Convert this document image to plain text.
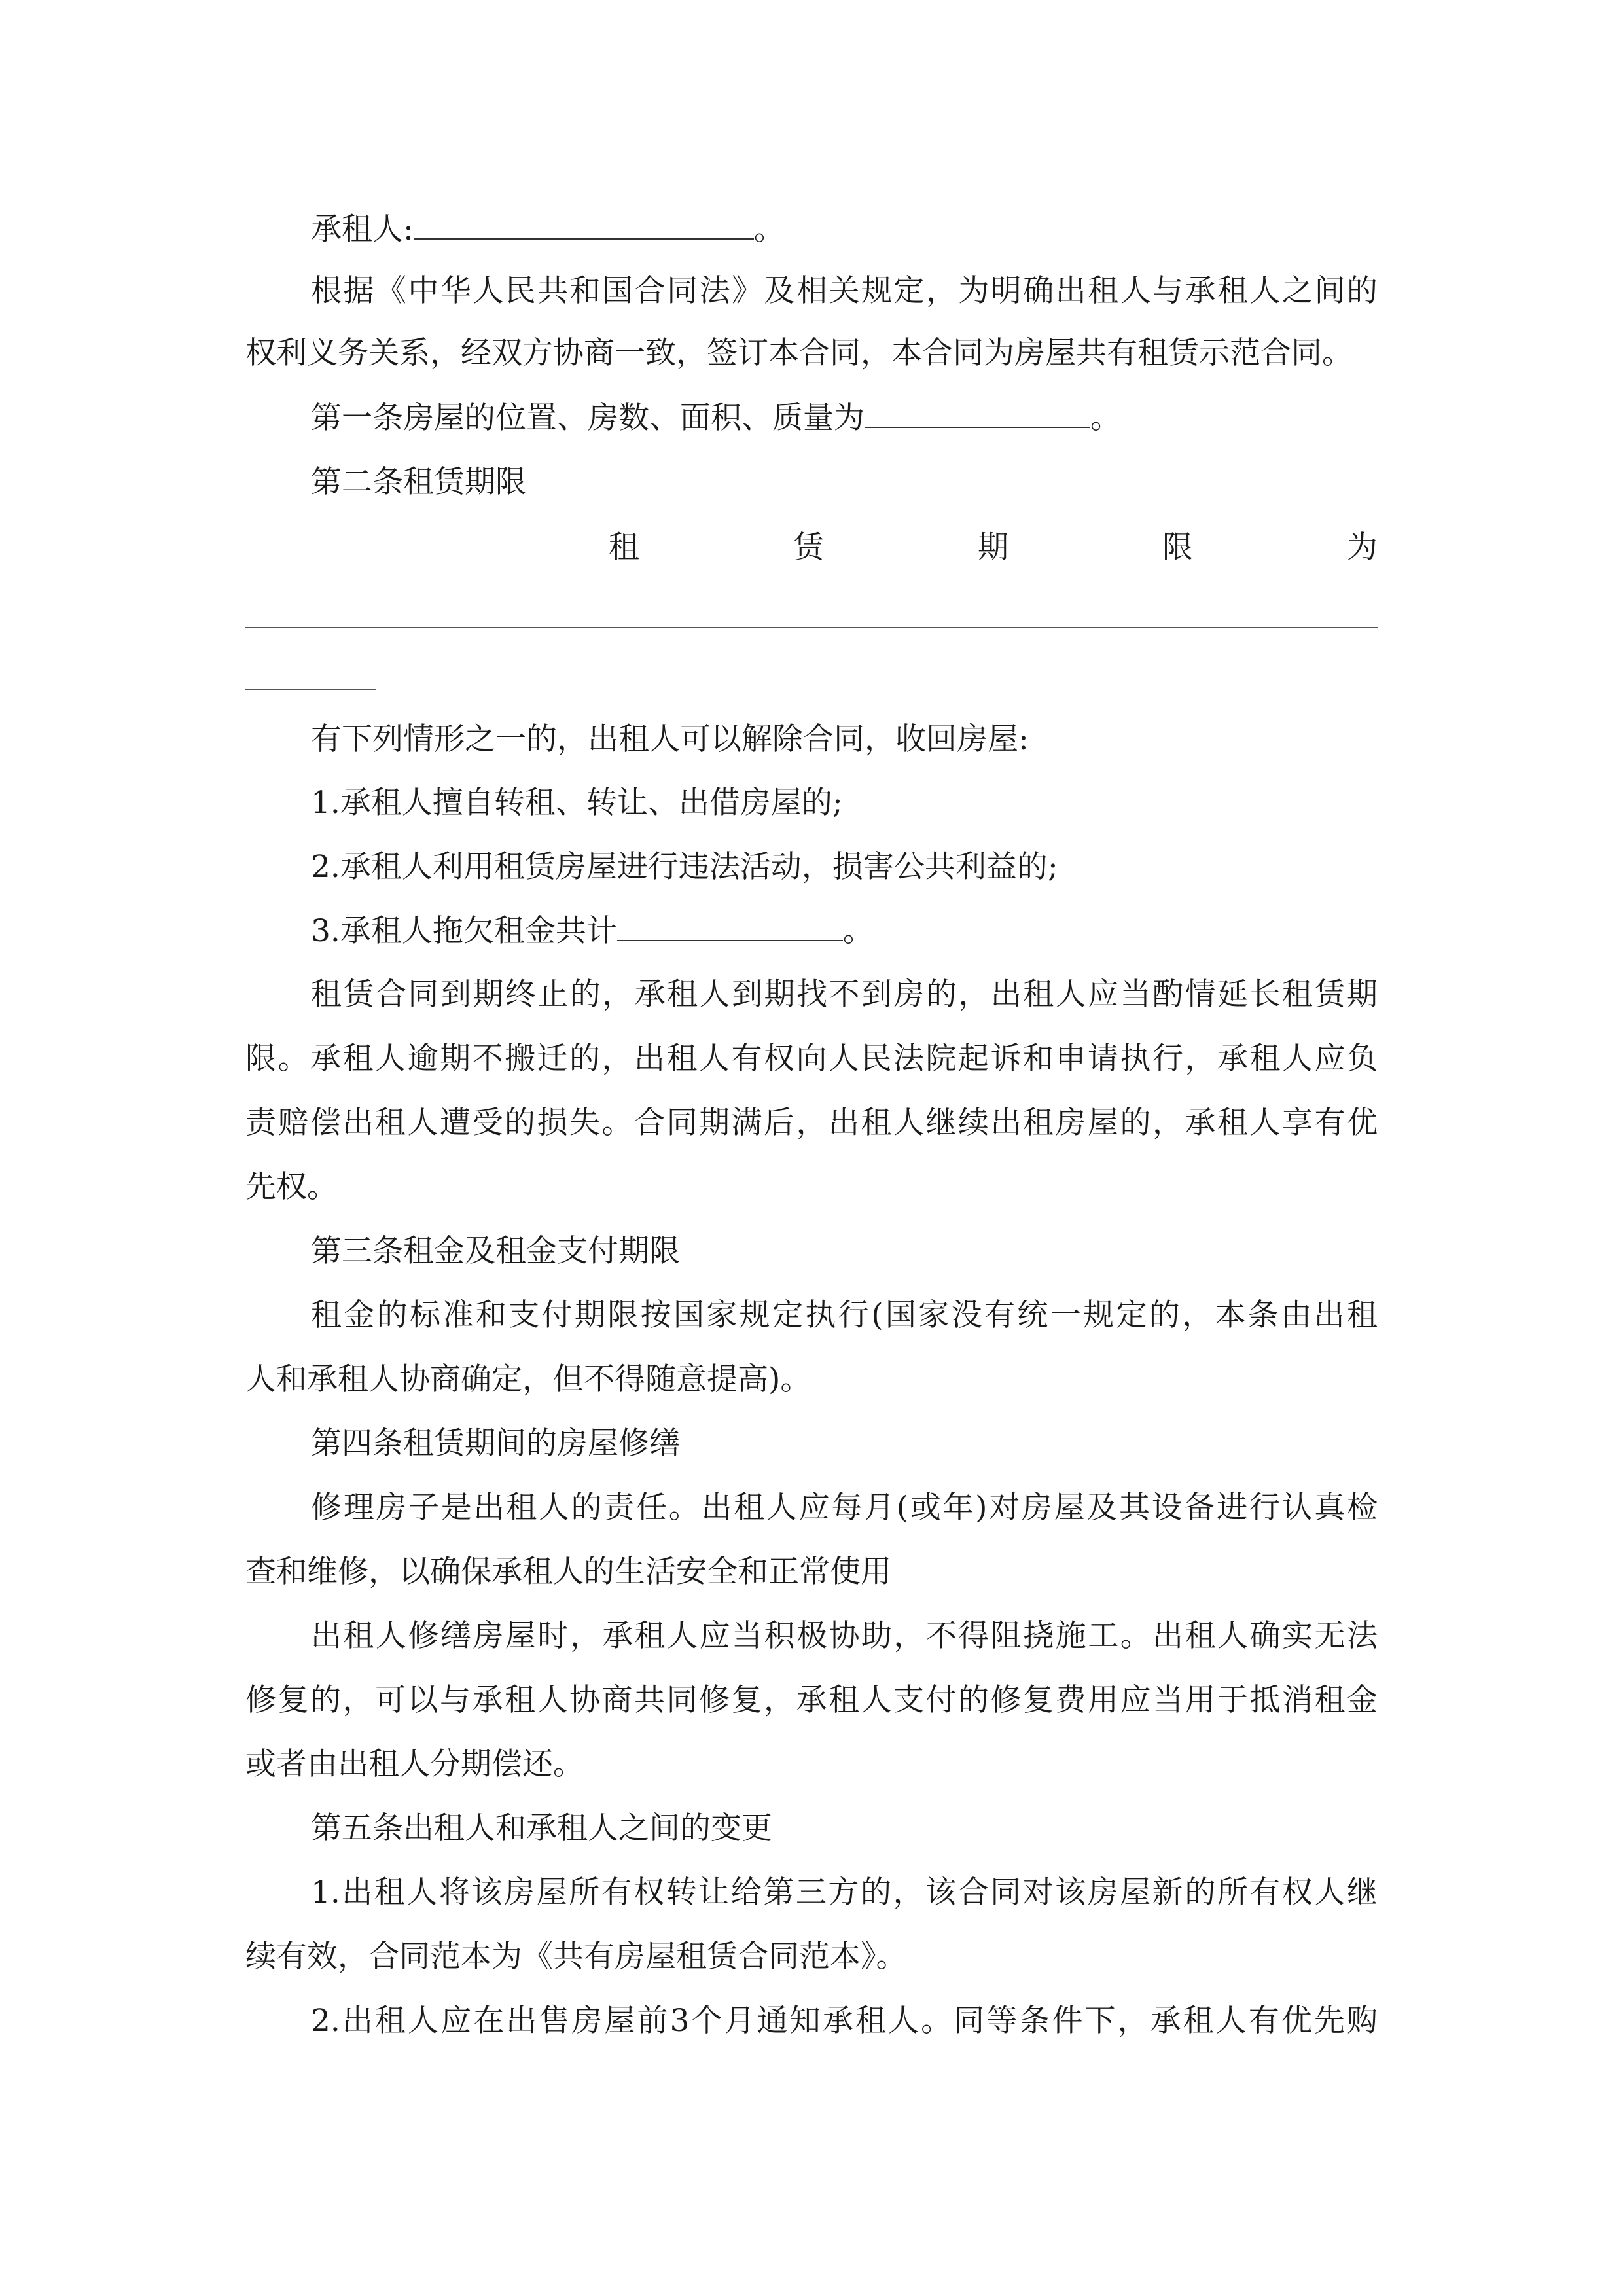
承租人:	。
根据《中华人民共和国合同法》及相关规定，为明确出租人与承租人之间的
权利义务关系，经双方协商一致，签订本合同，本合同为房屋共有租赁示范合同。
第一条房屋的位置、房数、面积、质量为	。
第二条租赁期限
租	赁	期	限	为
有下列情形之一的，出租人可以解除合同，收回房屋:
1.承租人擅自转租、转让、出借房屋的;
2.承租人利用租赁房屋进行违法活动，损害公共利益的;
3.承租人拖欠租金共计	。
租赁合同到期终止的，承租人到期找不到房的，出租人应当酌情延长租赁期
限。承租人逾期不搬迁的，出租人有权向人民法院起诉和申请执行，承租人应负
责赔偿出租人遭受的损失。合同期满后，出租人继续出租房屋的，承租人享有优
先权。
第三条租金及租金支付期限
租金的标准和支付期限按国家规定执行(国家没有统一规定的，本条由出租
人和承租人协商确定，但不得随意提高)。
第四条租赁期间的房屋修缮
修理房子是出租人的责任。出租人应每月(或年)对房屋及其设备进行认真检
查和维修，以确保承租人的生活安全和正常使用
出租人修缮房屋时，承租人应当积极协助，不得阻挠施工。出租人确实无法
修复的，可以与承租人协商共同修复，承租人支付的修复费用应当用于抵消租金
或者由出租人分期偿还。
第五条出租人和承租人之间的变更
1.出租人将该房屋所有权转让给第三方的，该合同对该房屋新的所有权人继
续有效，合同范本为《共有房屋租赁合同范本》。
2.出租人应在出售房屋前3个月通知承租人。同等条件下，承租人有优先购
